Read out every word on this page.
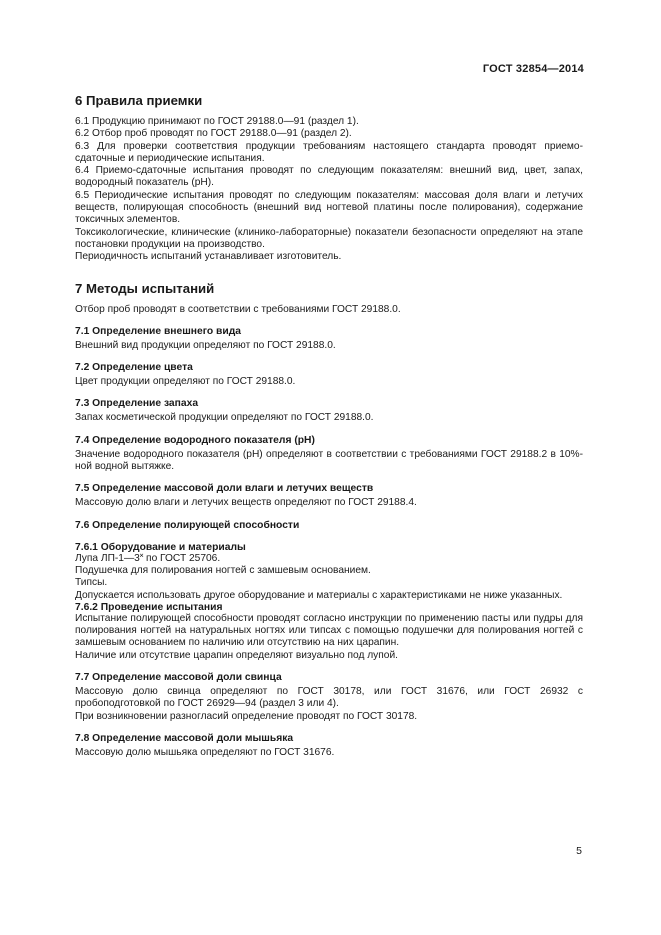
ГОСТ 32854—2014
6 Правила приемки

6.1 Продукцию принимают по ГОСТ 29188.0—91 (раздел 1).

6.2 Отбор проб проводят по ГОСТ 29188.0—91 (раздел 2).

6.3 Для проверки соответствия продукции требованиям настоящего стандарта проводят приемо-сдаточные и периодические испытания.

6.4 Приемо-сдаточные испытания проводят по следующим показателям: внешний вид, цвет, запах, водородный показатель (pH).

6.5 Периодические испытания проводят по следующим показателям: массовая доля влаги и летучих веществ, полирующая способность (внешний вид ногтевой платины после полирования), содержание токсичных элементов.

Токсикологические, клинические (клинико-лабораторные) показатели безопасности определяют на этапе постановки продукции на производство.

Периодичность испытаний устанавливает изготовитель.

7 Методы испытаний

Отбор проб проводят в соответствии с требованиями ГОСТ 29188.0.

7.1 Определение внешнего вида

Внешний вид продукции определяют по ГОСТ 29188.0.

7.2 Определение цвета

Цвет продукции определяют по ГОСТ 29188.0.

7.3 Определение запаха

Запах косметической продукции определяют по ГОСТ 29188.0.

7.4 Определение водородного показателя (pH)

Значение водородного показателя (pH) определяют в соответствии с требованиями ГОСТ 29188.2 в 10%-ной водной вытяжке.

7.5 Определение массовой доли влаги и летучих веществ

Массовую долю влаги и летучих веществ определяют по ГОСТ 29188.4.

7.6 Определение полирующей способности
7.6.1 Оборудование и материалы

Лупа ЛП-1—3˟ по ГОСТ 25706.

Подушечка для полирования ногтей с замшевым основанием.

Типсы.

Допускается использовать другое оборудование и материалы с характеристиками не ниже указанных.

7.6.2 Проведение испытания

Испытание полирующей способности проводят согласно инструкции по применению пасты или пудры для полирования ногтей на натуральных ногтях или типсах с помощью подушечки для полирования ногтей с замшевым основанием по наличию или отсутствию на них царапин.

Наличие или отсутствие царапин определяют визуально под лупой.

7.7 Определение массовой доли свинца

Массовую долю свинца определяют по ГОСТ 30178, или ГОСТ 31676, или ГОСТ 26932 с пробоподготовкой по ГОСТ 26929—94 (раздел 3 или 4).

При возникновении разногласий определение проводят по ГОСТ 30178.

7.8 Определение массовой доли мышьяка

Массовую долю мышьяка определяют по ГОСТ 31676.

5
